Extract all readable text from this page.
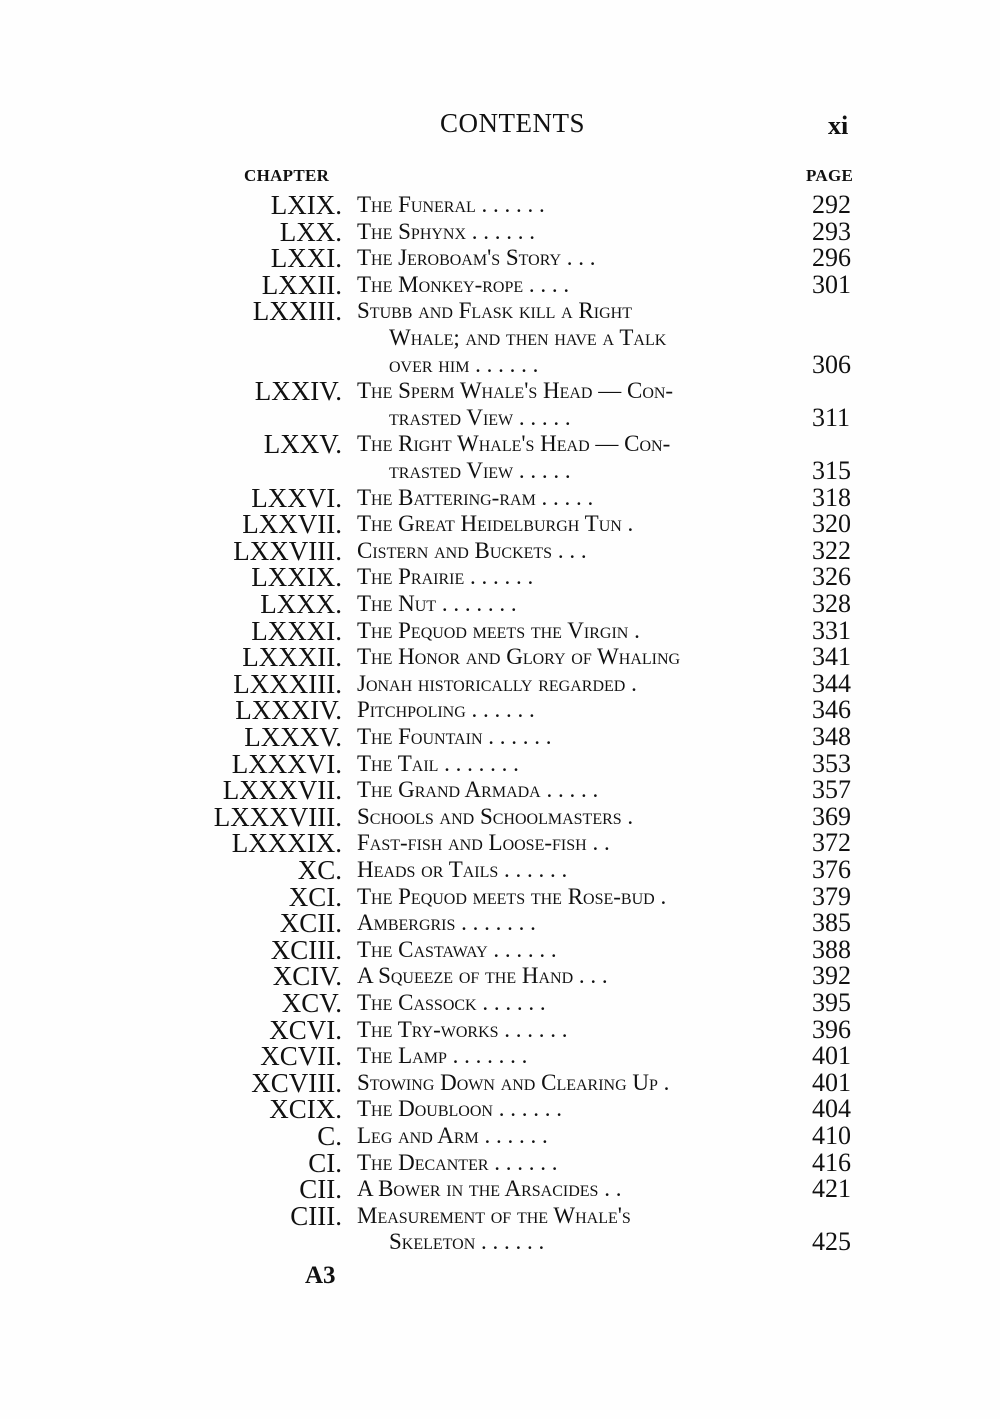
CONTENTS	xi
CHAPTER	PAGE
LXIX. The Funeral . . . . . .	292
LXX. The Sphynx . . . . . .	293
LXXI. The Jeroboam's Story . . .	296
LXXII. The Monkey-rope . . . .	301
LXXIII. Stubb and Flask kill a Right
Whale; and then have a Talk
over him . . . . . .	306
LXXIV. The Sperm Whale's Head — Con-
trasted View . . . . .	311
LXXV. The Right Whale's Head — Con-
trasted View . . . . .	315
LXXVI. The Battering-ram . . . . .	318
LXXVII. The Great Heidelburgh Tun .	320
LXXVIII. Cistern and Buckets . . .	322
LXXIX. The Prairie . . . . . .	326
LXXX. The Nut . . . . . . .	328
LXXXI. The Pequod meets the Virgin .	331
LXXXII. The Honor and Glory of Whaling	341
LXXXIII. Jonah historically regarded .	344
LXXXIV. Pitchpoling . . . . . .	346
LXXXV. The Fountain . . . . . .	348
LXXXVI. The Tail . . . . . . .	353
LXXXVII. The Grand Armada . . . . .	357
LXXXVIII. Schools and Schoolmasters .	369
LXXXIX. Fast-fish and Loose-fish . .	372
XC. Heads or Tails . . . . . .	376
XCI. The Pequod meets the Rose-bud .	379
XCII. Ambergris . . . . . . .	385
XCIII. The Castaway . . . . . .	388
XCIV. A Squeeze of the Hand . . .	392
XCV. The Cassock . . . . . .	395
XCVI. The Try-works . . . . . .	396
XCVII. The Lamp . . . . . . .	401
XCVIII. Stowing Down and Clearing Up .	401
XCIX. The Doubloon . . . . . .	404
C. Leg and Arm . . . . . .	410
CI. The Decanter . . . . . .	416
CII. A Bower in the Arsacides . .	421
CIII. Measurement of the Whale's
Skeleton . . . . . .	425
A3
